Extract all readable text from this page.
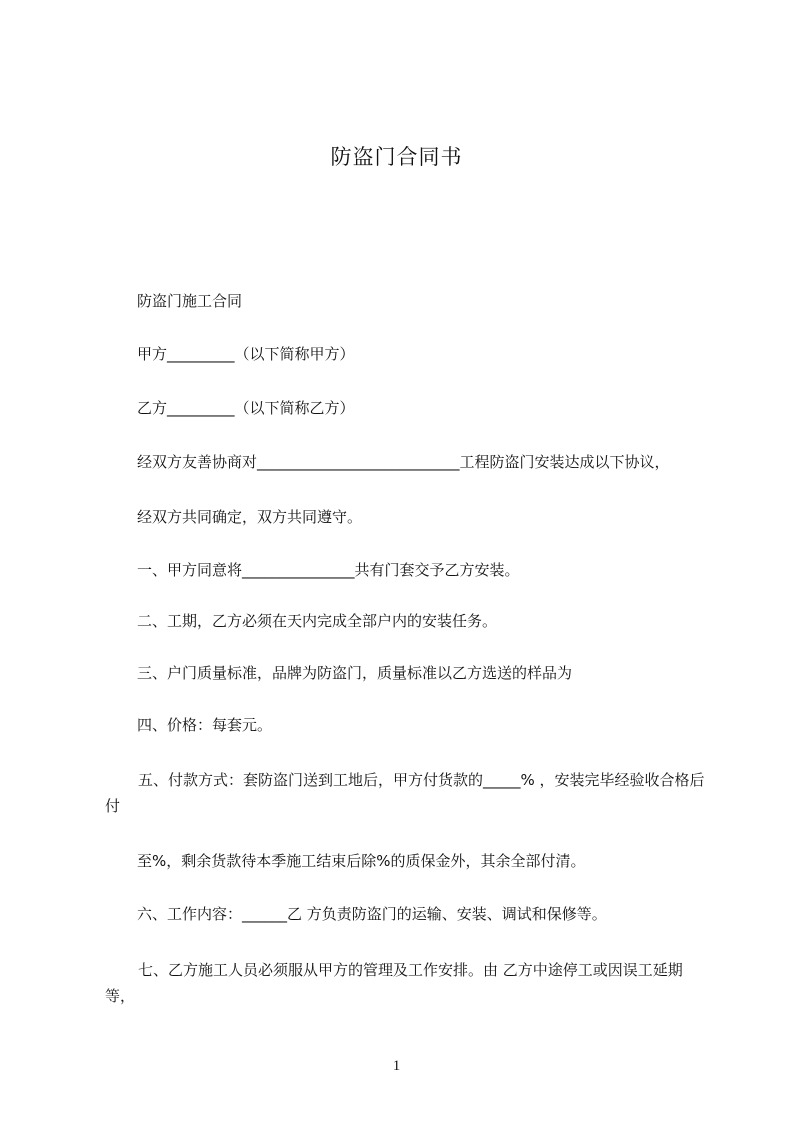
防盗门合同书
防盗门施工合同
甲方_________（以下简称甲方）
乙方_________（以下简称乙方）
经双方友善协商对___________________________工程防盗门安装达成以下协议，
经双方共同确定，双方共同遵守。
一、甲方同意将_______________共有门套交予乙方安装。
二、工期，乙方必须在天内完成全部户内的安装任务。
三、户门质量标准，品牌为防盗门，质量标准以乙方选送的样品为
四、价格：每套元。
五、付款方式：套防盗门送到工地后，甲方付货款的_____% ，安装完毕经验收合格后付
至%，剩余货款待本季施工结束后除%的质保金外，其余全部付清。
六、工作内容：______乙 方负责防盗门的运输、安装、调试和保修等。
七、乙方施工人员必须服从甲方的管理及工作安排。由 乙方中途停工或因误工延期等，
1
